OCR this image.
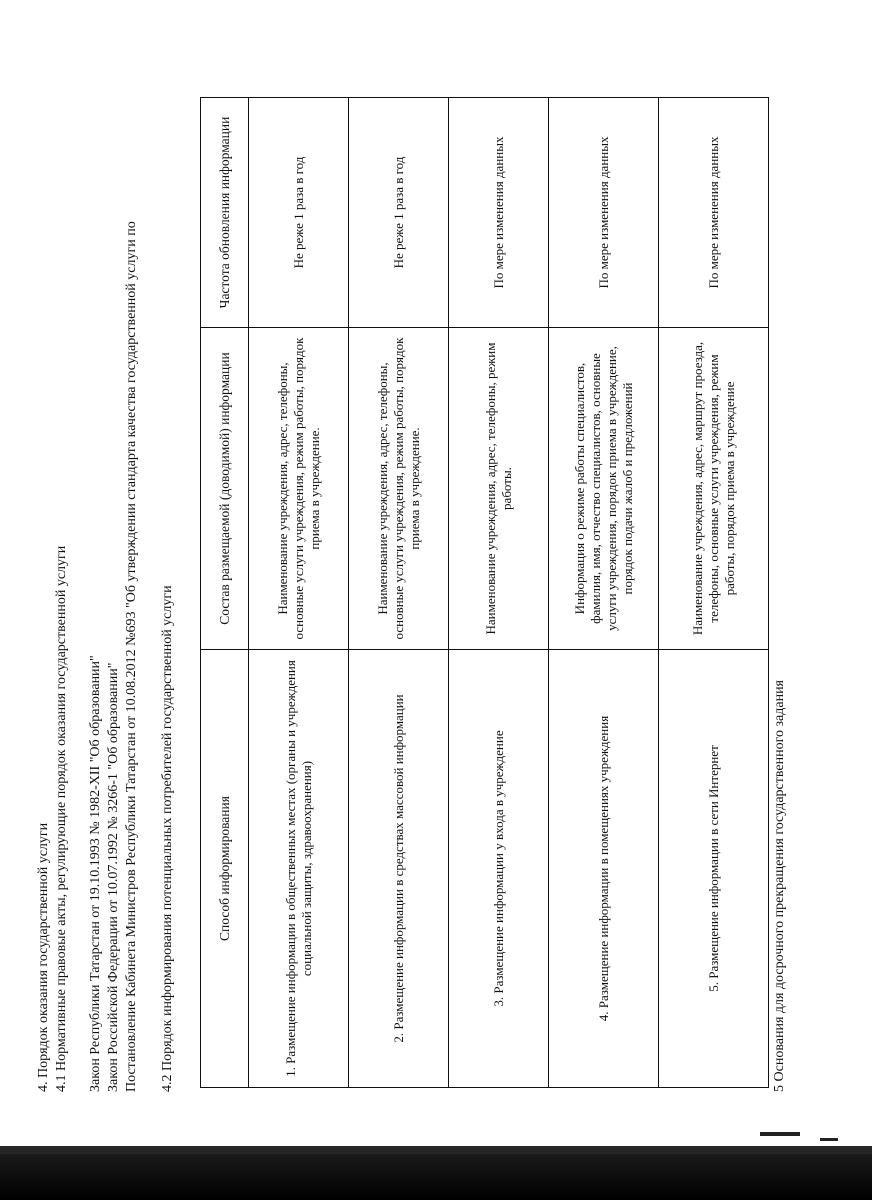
4. Порядок оказания государственной услуги 4.1 Нормативные правовые акты, регулирующие порядок оказания государственной услуги Закон Республики Татарстан от 19.10.1993 № 1982-XII "Об образовании" Закон Российской Федерации от 10.07.1992 № 3266-1 "Об образовании" Постановление Кабинета Министров Республики Татарстан от 10.08.2012 №693 "Об утверждении стандарта качества государственной услуги по 4.2 Порядок информирования потенциальных потребителей государственной услуги	Способ информирования	Состав размещаемой (доводимой) информации	Частота обновления информации
1. Размещение информации в общественных местах (органы и учреждения социальной защиты, здравоохранения)	Наименование учреждения, адрес, телефоны, основные услуги учреждения, режим работы, порядок приема в учреждение.	Не реже 1 раза в год
2. Размещение информации в средствах массовой информации	Наименование учреждения, адрес, телефоны, основные услуги учреждения, режим работы, порядок приема в учреждение.	Не реже 1 раза в год
3. Размещение информации у входа в учреждение	Наименование учреждения, адрес, телефоны, режим работы.	По мере изменения данных
4. Размещение информации в помещениях учреждения	Информация о режиме работы специалистов, фамилия, имя, отчество специалистов, основные услуги учреждения, порядок приема в учреждение, порядок подачи жалоб и предложений	По мере изменения данных
5. Размещение информации в сети Интернет	Наименование учреждения, адрес, маршрут проезда, телефоны, основные услуги учреждения, режим работы, порядок приема в учреждение	По мере изменения данных
5 Основания для досрочного прекращения государственного задания
